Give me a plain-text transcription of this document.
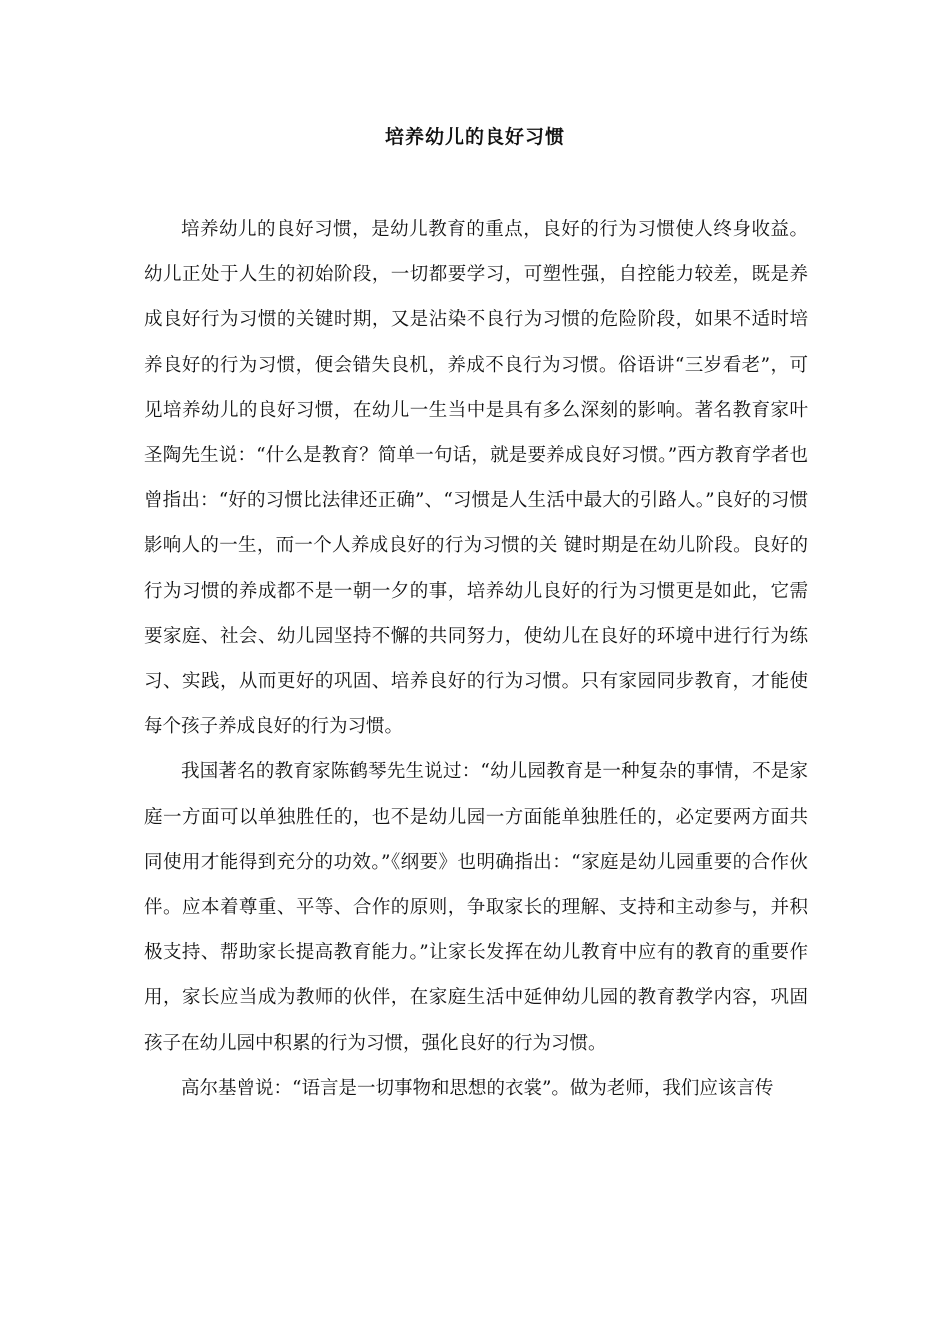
培养幼儿的良好习惯

培养幼儿的良好习惯，是幼儿教育的重点，良好的行为习惯使人终身收益。幼儿正处于人生的初始阶段，一切都要学习，可塑性强，自控能力较差，既是养成良好行为习惯的关键时期，又是沾染不良行为习惯的危险阶段，如果不适时培养良好的行为习惯，便会错失良机，养成不良行为习惯。俗语讲“三岁看老”，可见培养幼儿的良好习惯，在幼儿一生当中是具有多么深刻的影响。著名教育家叶圣陶先生说：“什么是教育？简单一句话，就是要养成良好习惯。”西方教育学者也曾指出：“好的习惯比法律还正确”、“习惯是人生活中最大的引路人。”良好的习惯影响人的一生，而一个人养成良好的行为习惯的关 键时期是在幼儿阶段。良好的行为习惯的养成都不是一朝一夕的事，培养幼儿良好的行为习惯更是如此，它需要家庭、社会、幼儿园坚持不懈的共同努力，使幼儿在良好的环境中进行行为练习、实践，从而更好的巩固、培养良好的行为习惯。只有家园同步教育，才能使每个孩子养成良好的行为习惯。

我国著名的教育家陈鹤琴先生说过：“幼儿园教育是一种复杂的事情，不是家庭一方面可以单独胜任的，也不是幼儿园一方面能单独胜任的，必定要两方面共同使用才能得到充分的功效。”《纲要》也明确指出：“家庭是幼儿园重要的合作伙伴。应本着尊重、平等、合作的原则，争取家长的理解、支持和主动参与，并积极支持、帮助家长提高教育能力。”让家长发挥在幼儿教育中应有的教育的重要作用，家长应当成为教师的伙伴，在家庭生活中延伸幼儿园的教育教学内容，巩固孩子在幼儿园中积累的行为习惯，强化良好的行为习惯。

高尔基曾说：“语言是一切事物和思想的衣裳”。做为老师，我们应该言传
